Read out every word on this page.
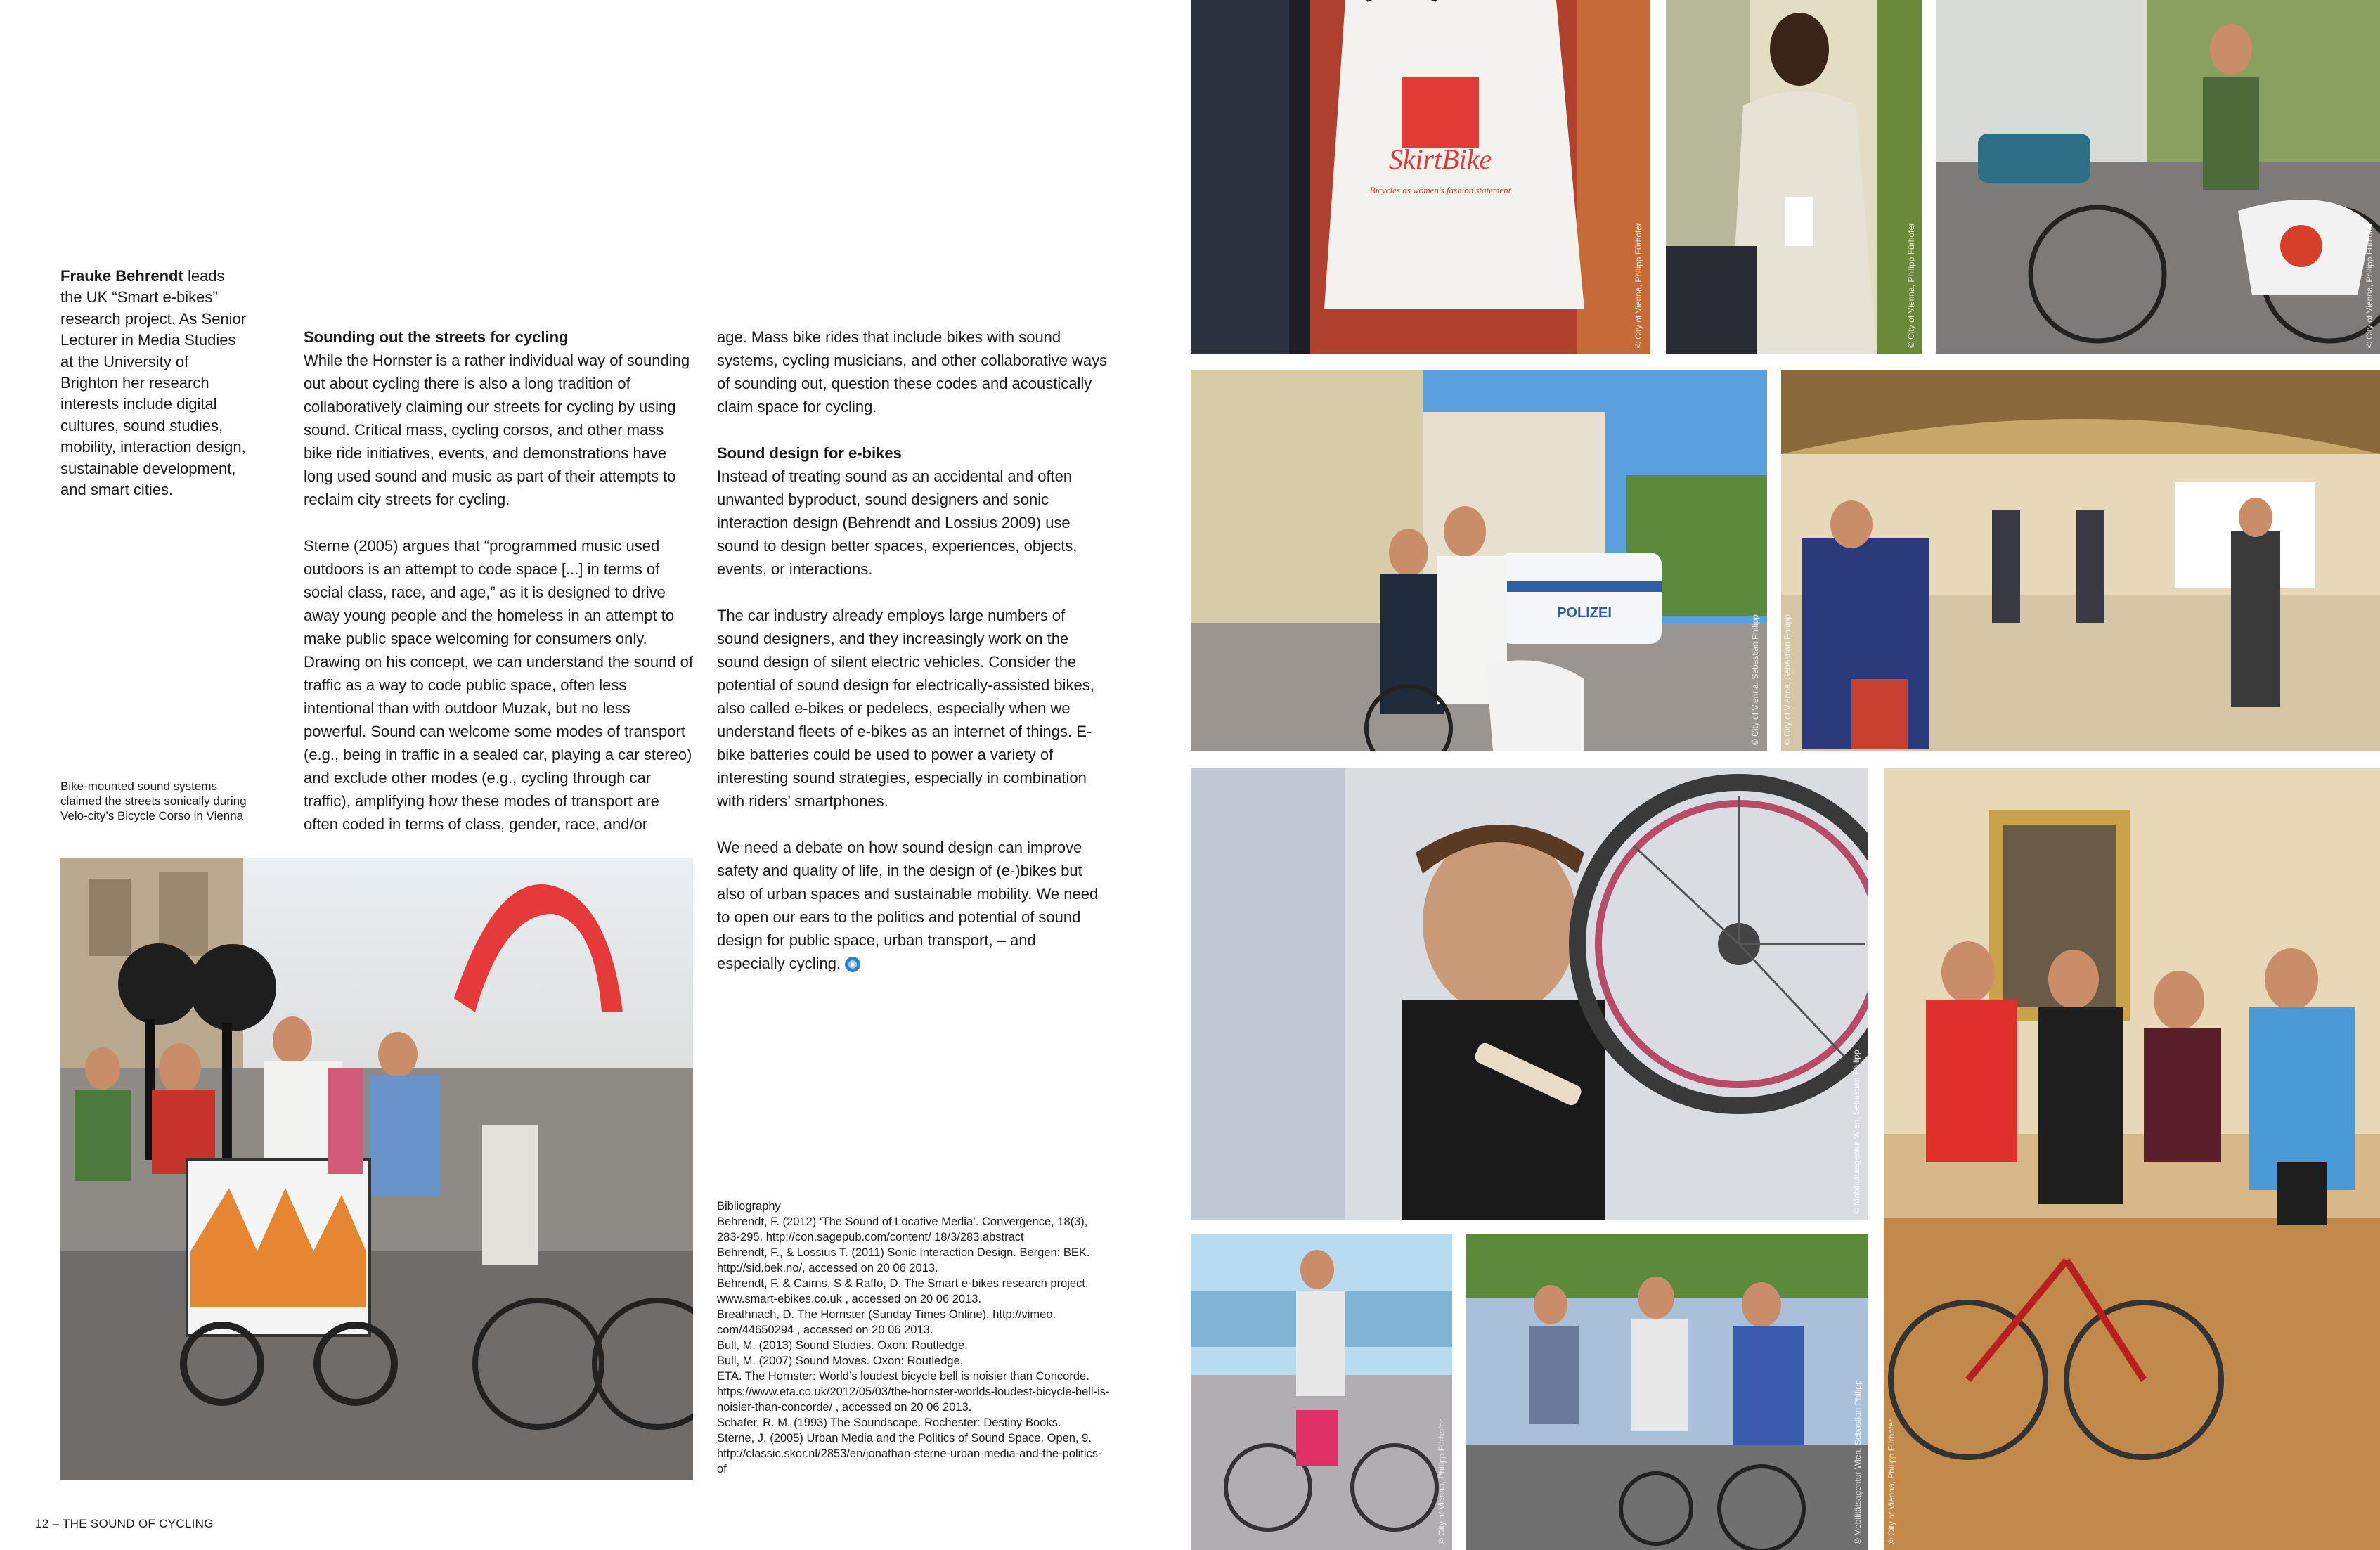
Frauke Behrendt leads the UK “Smart e-bikes” research project. As Senior Lecturer in Media Studies at the University of Brighton her research interests include digital cultures, sound studies, mobility, interaction design, sustainable development, and smart cities.
Sounding out the streets for cycling

While the Hornster is a rather individual way of sounding out about cycling there is also a long tradition of collaboratively claiming our streets for cycling by using sound. Critical mass, cycling corsos, and other mass bike ride initiatives, events, and demonstrations have long used sound and music as part of their attempts to reclaim city streets for cycling.

Sterne (2005) argues that “programmed music used outdoors is an attempt to code space [...] in terms of social class, race, and age,” as it is designed to drive away young people and the homeless in an attempt to make public space welcoming for consumers only. Drawing on his concept, we can understand the sound of traffic as a way to code public space, often less intentional than with outdoor Muzak, but no less powerful. Sound can welcome some modes of transport (e.g., being in traffic in a sealed car, playing a car stereo) and exclude other modes (e.g., cycling through car traffic), amplifying how these modes of transport are often coded in terms of class, gender, race, and/or

age. Mass bike rides that include bikes with sound systems, cycling musicians, and other collaborative ways of sounding out, question these codes and acoustically claim space for cycling.

Sound design for e-bikes

Instead of treating sound as an accidental and often unwanted byproduct, sound designers and sonic interaction design (Behrendt and Lossius 2009) use sound to design better spaces, experiences, objects, events, or interactions.

The car industry already employs large numbers of sound designers, and they increasingly work on the sound design of silent electric vehicles. Consider the potential of sound design for electrically-assisted bikes, also called e-bikes or pedelecs, especially when we understand fleets of e-bikes as an internet of things. E-bike batteries could be used to power a variety of interesting sound strategies, especially in combination with riders’ smartphones.

We need a debate on how sound design can improve safety and quality of life, in the design of (e-)bikes but also of urban spaces and sustainable mobility. We need to open our ears to the politics and potential of sound design for public space, urban transport, – and especially cycling.

Bike-mounted sound systems claimed the streets sonically during Velo-city’s Bicycle Corso in Vienna
Bibliography
Behrendt, F. (2012) ‘The Sound of Locative Media’. Convergence, 18(3), 283-295. http://con.sagepub.com/content/ 18/3/283.abstract
Behrendt, F., & Lossius T. (2011) Sonic Interaction Design. Bergen: BEK. http://sid.bek.no/, accessed on 20 06 2013.
Behrendt, F. & Cairns, S & Raffo, D. The Smart e-bikes research project. www.smart-ebikes.co.uk , accessed on 20 06 2013.
Breathnach, D. The Hornster (Sunday Times Online), http://vimeo. com/44650294 , accessed on 20 06 2013.
Bull, M. (2013) Sound Studies. Oxon: Routledge.
Bull, M. (2007) Sound Moves. Oxon: Routledge.
ETA. The Hornster: World’s loudest bicycle bell is noisier than Concorde. https://www.eta.co.uk/2012/05/03/the-hornster-worlds-loudest-bicycle-bell-is-noisier-than-concorde/ , accessed on 20 06 2013.
Schafer, R. M. (1993) The Soundscape. Rochester: Destiny Books.
Sterne, J. (2005) Urban Media and the Politics of Sound Space. Open, 9. http://classic.skor.nl/2853/en/jonathan-sterne-urban-media-and-the-politics-of
12 – THE SOUND OF CYCLING
SkirtBike
Bicycles as women's fashion statement
© City of Vienna, Philipp Fürhofer	© City of Vienna, Philipp Fürhofer	© City of Vienna, Philipp Fürhofer
POLIZEI
© City of Vienna, Sebastian Philipp	© City of Vienna, Sebastian Philipp
© Mobilitätsagentur Wien, Sebastian Philipp
© City of Vienna, Philipp Fürhofer
© City of Vienna, Philipp Fürhofer	© Mobilitätsagentur Wien, Sebastian Philipp
